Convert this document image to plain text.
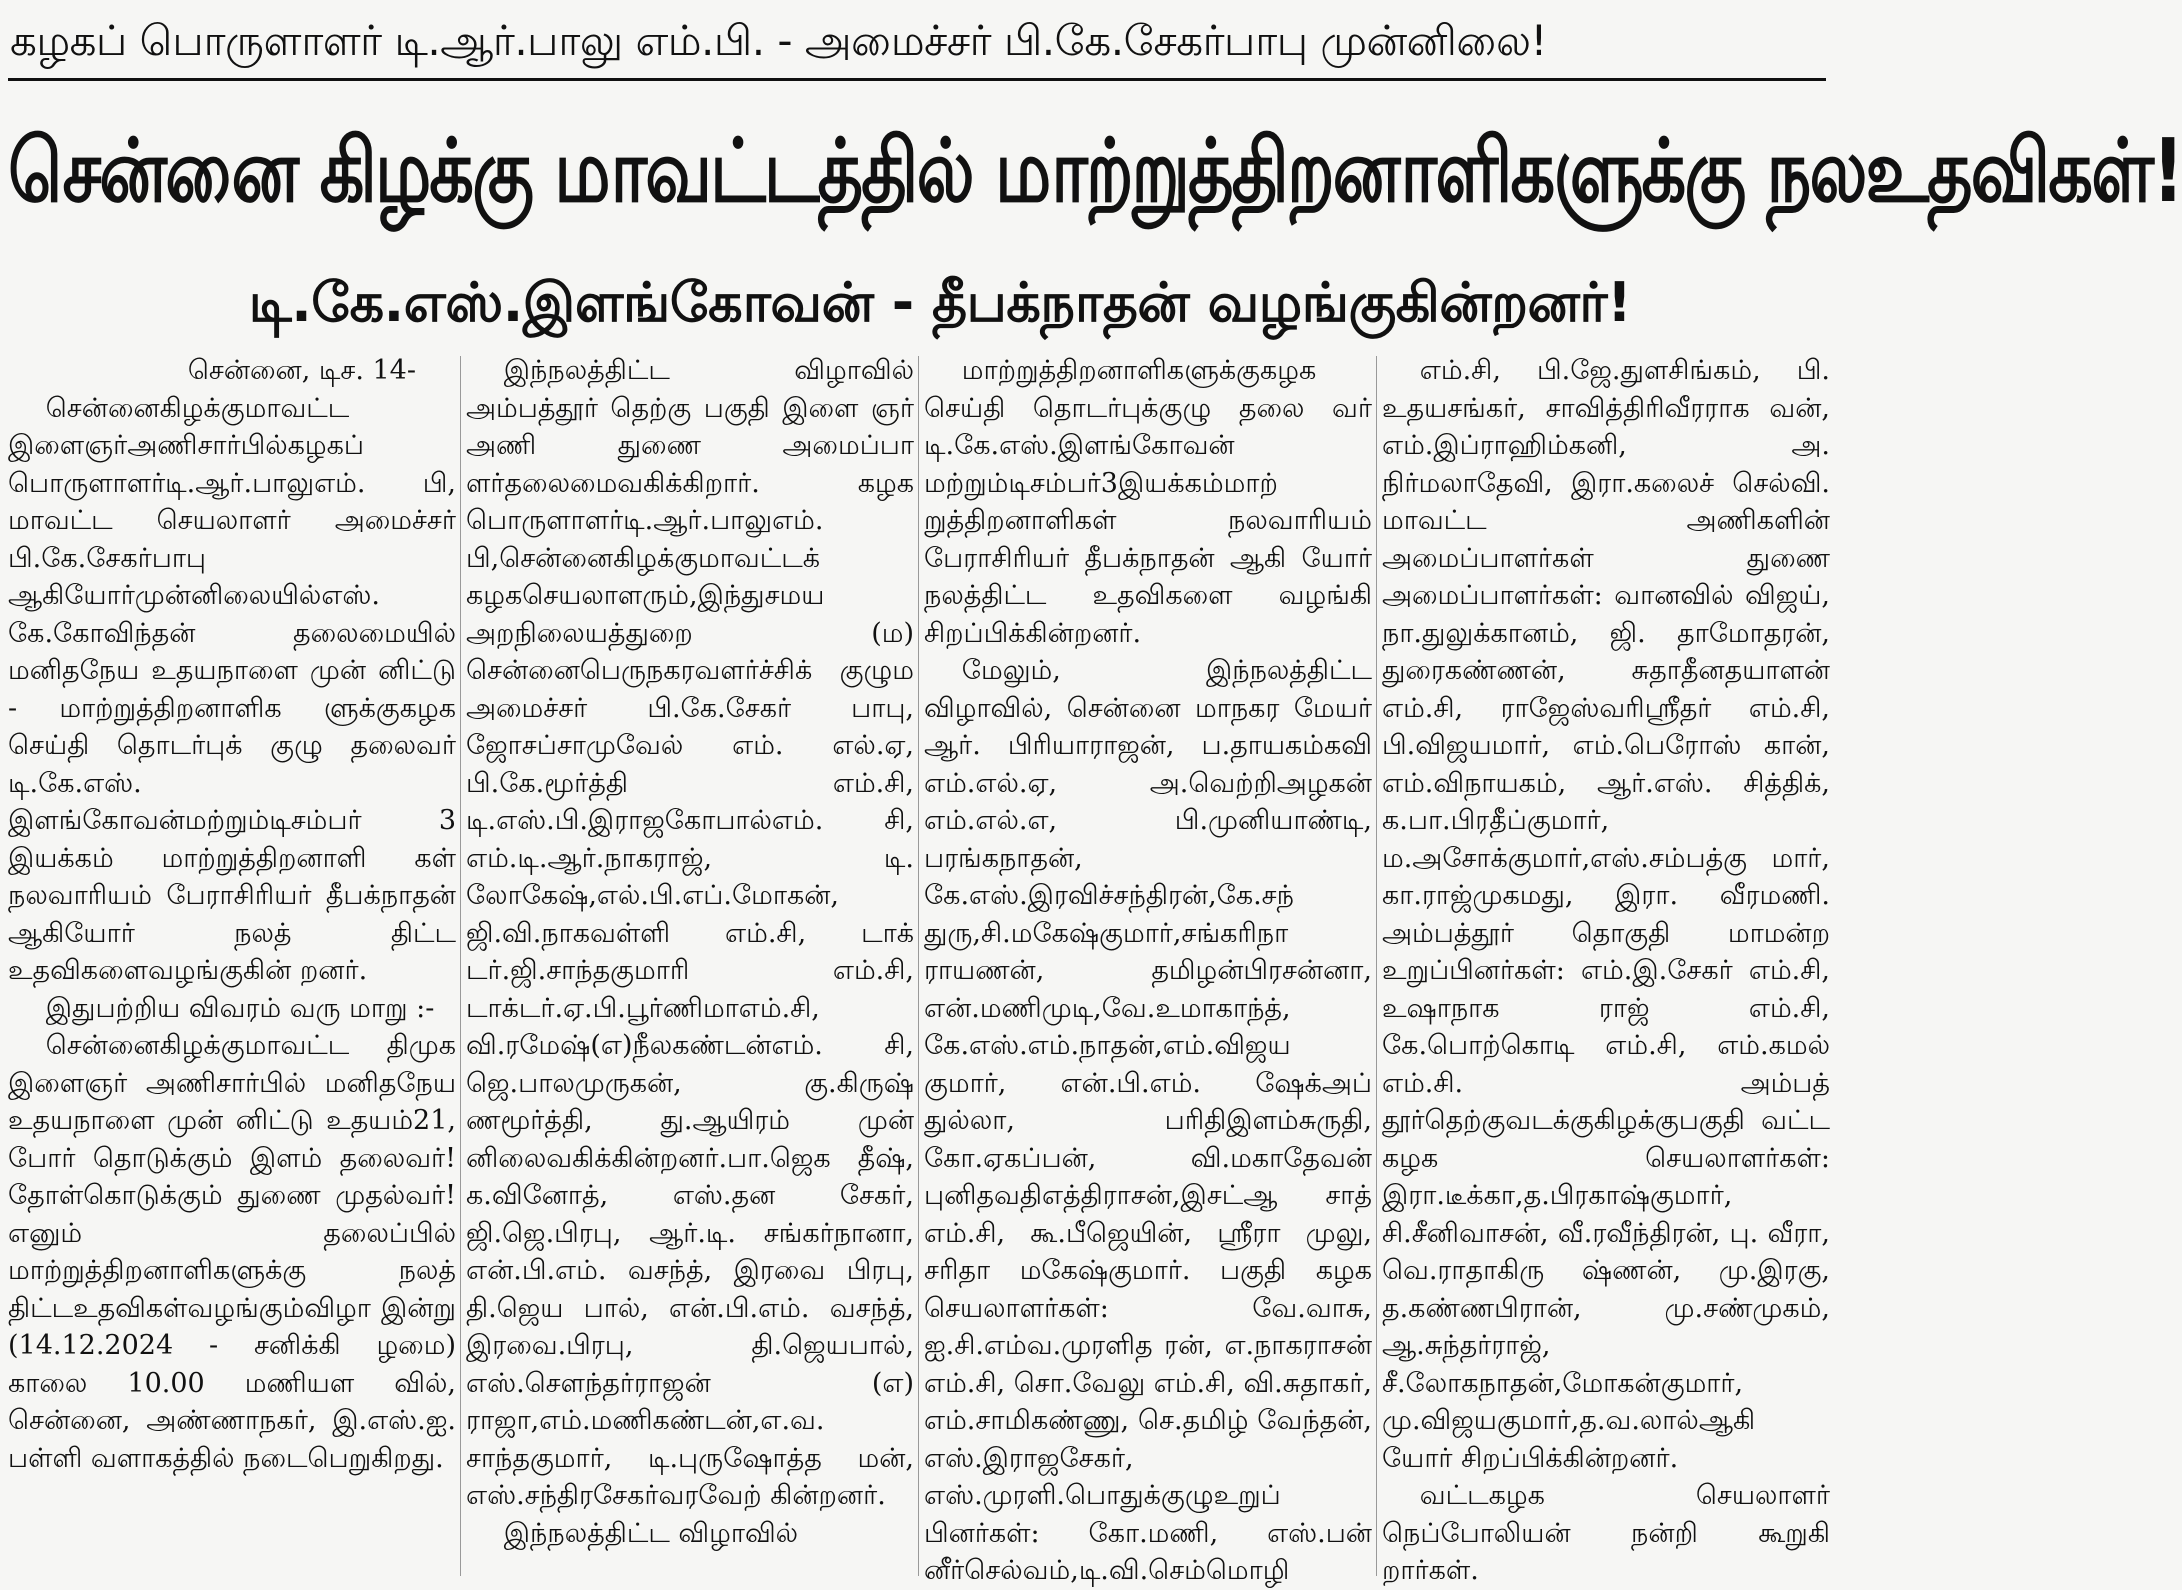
கழகப் பொருளாளர் டி.ஆர்.பாலு எம்.பி. - அமைச்சர் பி.கே.சேகர்பாபு முன்னிலை!
சென்னை கிழக்கு மாவட்டத்தில் மாற்றுத்திறனாளிகளுக்கு நலஉதவிகள்!
டி.கே.எஸ்.இளங்கோவன் - தீபக்நாதன் வழங்குகின்றனர்!

சென்னை, டிச. 14-

சென்னைகிழக்குமாவட்ட இளைஞர்அணிசார்பில்கழகப் பொருளாளர்டி.ஆர்.பாலுஎம். பி, மாவட்ட செயலாளர் அமைச்சர் பி.கே.சேகர்பாபு ஆகியோர்முன்னிலையில்எஸ். கே.கோவிந்தன் தலைமையில் மனிதநேய உதயநாளை முன் னிட்டு - மாற்றுத்திறனாளிக ளுக்குகழக செய்தி தொடர்புக் குழு தலைவர் டி.கே.எஸ். இளங்கோவன்மற்றும்டிசம்பர் 3 இயக்கம் மாற்றுத்திறனாளி கள் நலவாரியம் பேராசிரியர் தீபக்நாதன் ஆகியோர் நலத் திட்ட உதவிகளைவழங்குகின் றனர்.

இதுபற்றிய விவரம் வரு மாறு :-

சென்னைகிழக்குமாவட்ட திமுக இளைஞர் அணிசார்பில் மனிதநேய உதயநாளை முன் னிட்டு உதயம்21, போர் தொடுக்கும் இளம் தலைவர்! தோள்கொடுக்கும் துணை முதல்வர்! எனும் தலைப்பில் மாற்றுத்திறனாளிகளுக்கு நலத் திட்டஉதவிகள்வழங்கும்விழா இன்று (14.12.2024 - சனிக்கி ழமை) காலை 10.00 மணியள வில், சென்னை, அண்ணாநகர், இ.எஸ்.ஐ. பள்ளி வளாகத்தில் நடைபெறுகிறது.

இந்நலத்திட்ட விழாவில் அம்பத்தூர் தெற்கு பகுதி இளை ஞர் அணி துணை அமைப்பா ளர்தலைமைவகிக்கிறார். கழக பொருளாளர்டி.ஆர்.பாலுஎம். பி,சென்னைகிழக்குமாவட்டக் கழகசெயலாளரும்,இந்துசமய அறநிலையத்துறை (ம) சென்னைபெருநகரவளர்ச்சிக் குழும அமைச்சர் பி.கே.சேகர் பாபு, ஜோசப்சாமுவேல் எம். எல்.ஏ, பி.கே.மூர்த்தி எம்.சி, டி.எஸ்.பி.இராஜகோபால்எம். சி, எம்.டி.ஆர்.நாகராஜ், டி. லோகேஷ்,எல்.பி.எப்.மோகன், ஜி.வி.நாகவள்ளி எம்.சி, டாக் டர்.ஜி.சாந்தகுமாரி எம்.சி, டாக்டர்.ஏ.பி.பூர்ணிமாஎம்.சி, வி.ரமேஷ்(எ)நீலகண்டன்எம். சி, ஜெ.பாலமுருகன், கு.கிருஷ் ணமூர்த்தி, து.ஆயிரம் முன் னிலைவகிக்கின்றனர்.பா.ஜெக தீஷ், க.வினோத், எஸ்.தன சேகர், ஜி.ஜெ.பிரபு, ஆர்.டி. சங்கர்நானா, என்.பி.எம். வசந்த், இரவை பிரபு, தி.ஜெய பால், என்.பி.எம். வசந்த், இரவை.பிரபு, தி.ஜெயபால், எஸ்.சௌந்தர்ராஜன் (எ) ராஜா,எம்.மணிகண்டன்,எ.வ. சாந்தகுமார், டி.புருஷோத்த மன், எஸ்.சந்திரசேகர்வரவேற் கின்றனர்.

இந்நலத்திட்ட விழாவில்

மாற்றுத்திறனாளிகளுக்குகழக செய்தி தொடர்புக்குழு தலை வர் டி.கே.எஸ்.இளங்கோவன் மற்றும்டிசம்பர்3இயக்கம்மாற் றுத்திறனாளிகள் நலவாரியம் பேராசிரியர் தீபக்நாதன் ஆகி யோர் நலத்திட்ட உதவிகளை வழங்கி சிறப்பிக்கின்றனர்.

மேலும், இந்நலத்திட்ட விழாவில், சென்னை மாநகர மேயர் ஆர். பிரியாராஜன், ப.தாயகம்கவி எம்.எல்.ஏ, அ.வெற்றிஅழகன் எம்.எல்.எ, பி.முனியாண்டி, பரங்கநாதன், கே.எஸ்.இரவிச்சந்திரன்,கே.சந் துரு,சி.மகேஷ்குமார்,சங்கரிநா ராயணன், தமிழன்பிரசன்னா, என்.மணிமுடி,வே.உமாகாந்த், கே.எஸ்.எம்.நாதன்,எம்.விஜய குமார், என்.பி.எம். ஷேக்அப் துல்லா, பரிதிஇளம்சுருதி, கோ.ஏகப்பன், வி.மகாதேவன் புனிதவதிஎத்திராசன்,இசட்ஆ சாத் எம்.சி, கூ.பீஜெயின், ஸ்ரீரா முலு, சரிதா மகேஷ்குமார். பகுதி கழக செயலாளர்கள்: வே.வாசு, ஐ.சி.எம்வ.முரளித ரன், எ.நாகராசன் எம்.சி, சொ.வேலு எம்.சி, வி.சுதாகர், எம்.சாமிகண்ணு, செ.தமிழ் வேந்தன், எஸ்.இராஜசேகர், எஸ்.முரளி.பொதுக்குழுஉறுப் பினர்கள்: கோ.மணி, எஸ்.பன் னீர்செல்வம்,டி.வி.செம்மொழி

எம்.சி, பி.ஜே.துளசிங்கம், பி. உதயசங்கர், சாவித்திரிவீரராக வன், எம்.இப்ராஹிம்கனி, அ. நிர்மலாதேவி, இரா.கலைச் செல்வி. மாவட்ட அணிகளின் அமைப்பாளர்கள் துணை அமைப்பாளர்கள்: வானவில் விஜய், நா.துலுக்கானம், ஜி. தாமோதரன், துரைகண்ணன், சுதாதீனதயாளன் எம்.சி, ராஜேஸ்வரிஸ்ரீதர் எம்.சி, பி.விஜயமார், எம்.பெரோஸ் கான், எம்.விநாயகம், ஆர்.எஸ். சித்திக், க.பா.பிரதீப்குமார், ம.அசோக்குமார்,எஸ்.சம்பத்கு மார், கா.ராஜ்முகமது, இரா. வீரமணி. அம்பத்தூர் தொகுதி மாமன்ற உறுப்பினர்கள்: எம்.இ.சேகர் எம்.சி, உஷாநாக ராஜ் எம்.சி, கே.பொற்கொடி எம்.சி, எம்.கமல் எம்.சி. அம்பத் தூர்தெற்குவடக்குகிழக்குபகுதி வட்ட கழக செயலாளர்கள்: இரா.டீக்கா,த.பிரகாஷ்குமார், சி.சீனிவாசன், வீ.ரவீந்திரன், பு. வீரா, வெ.ராதாகிரு ஷ்ணன், மு.இரகு, த.கண்ணபிரான், மு.சண்முகம், ஆ.சுந்தர்ராஜ், சீ.லோகநாதன்,மோகன்குமார், மு.விஜயகுமார்,த.வ.லால்ஆகி யோர் சிறப்பிக்கின்றனர்.

வட்டகழக செயலாளர் நெப்போலியன் நன்றி கூறுகி றார்கள்.
